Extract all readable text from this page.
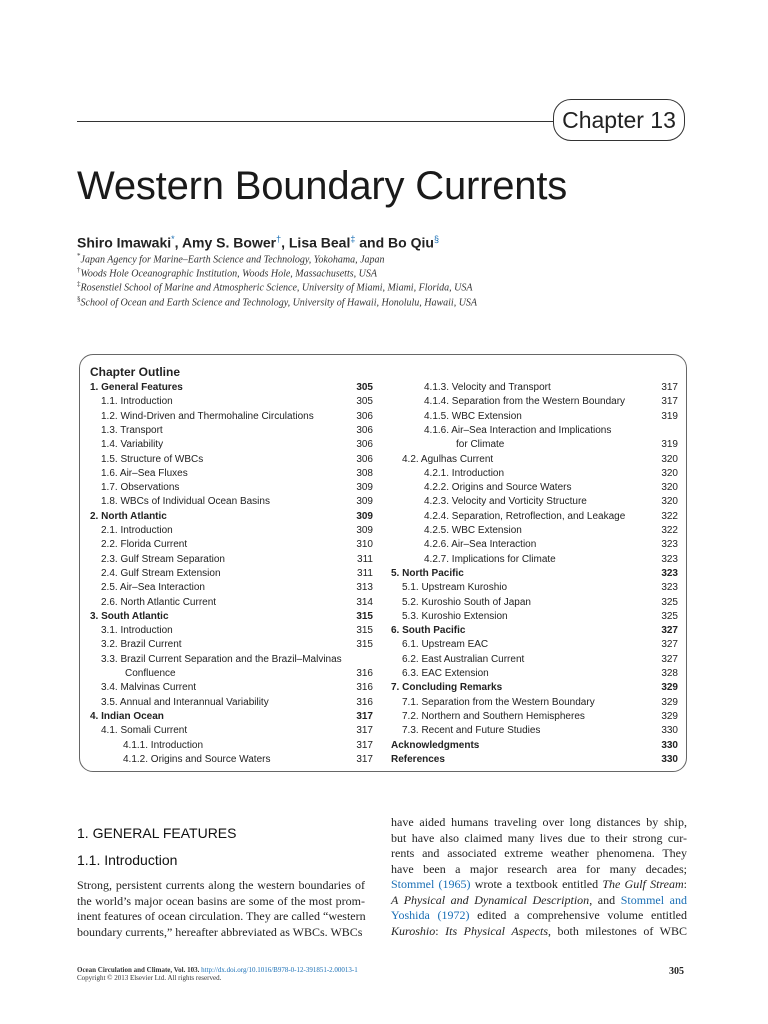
Chapter 13
Western Boundary Currents
Shiro Imawaki*, Amy S. Bower†, Lisa Beal‡ and Bo Qiu§
*Japan Agency for Marine–Earth Science and Technology, Yokohama, Japan
†Woods Hole Oceanographic Institution, Woods Hole, Massachusetts, USA
‡Rosenstiel School of Marine and Atmospheric Science, University of Miami, Miami, Florida, USA
§School of Ocean and Earth Science and Technology, University of Hawaii, Honolulu, Hawaii, USA
Chapter Outline
1. General Features	305
1.1. Introduction	305
1.2. Wind-Driven and Thermohaline Circulations	306
1.3. Transport	306
1.4. Variability	306
1.5. Structure of WBCs	306
1.6. Air–Sea Fluxes	308
1.7. Observations	309
1.8. WBCs of Individual Ocean Basins	309
2. North Atlantic	309
2.1. Introduction	309
2.2. Florida Current	310
2.3. Gulf Stream Separation	311
2.4. Gulf Stream Extension	311
2.5. Air–Sea Interaction	313
2.6. North Atlantic Current	314
3. South Atlantic	315
3.1. Introduction	315
3.2. Brazil Current	315
3.3. Brazil Current Separation and the Brazil–Malvinas
Confluence	316
3.4. Malvinas Current	316
3.5. Annual and Interannual Variability	316
4. Indian Ocean	317
4.1. Somali Current	317
4.1.1. Introduction	317
4.1.2. Origins and Source Waters	317
4.1.3. Velocity and Transport	317
4.1.4. Separation from the Western Boundary	317
4.1.5. WBC Extension	319
4.1.6. Air–Sea Interaction and Implications
for Climate	319
4.2. Agulhas Current	320
4.2.1. Introduction	320
4.2.2. Origins and Source Waters	320
4.2.3. Velocity and Vorticity Structure	320
4.2.4. Separation, Retroflection, and Leakage	322
4.2.5. WBC Extension	322
4.2.6. Air–Sea Interaction	323
4.2.7. Implications for Climate	323
5. North Pacific	323
5.1. Upstream Kuroshio	323
5.2. Kuroshio South of Japan	325
5.3. Kuroshio Extension	325
6. South Pacific	327
6.1. Upstream EAC	327
6.2. East Australian Current	327
6.3. EAC Extension	328
7. Concluding Remarks	329
7.1. Separation from the Western Boundary	329
7.2. Northern and Southern Hemispheres	329
7.3. Recent and Future Studies	330
Acknowledgments	330
References	330
1. GENERAL FEATURES
1.1. Introduction
Strong, persistent currents along the western boundaries of
the world’s major ocean basins are some of the most prom-
inent features of ocean circulation. They are called “western
boundary currents,” hereafter abbreviated as WBCs. WBCs
have aided humans traveling over long distances by ship,
but have also claimed many lives due to their strong cur-
rents and associated extreme weather phenomena. They
have been a major research area for many decades;
Stommel (1965) wrote a textbook entitled The Gulf Stream:
A Physical and Dynamical Description, and Stommel and
Yoshida (1972) edited a comprehensive volume entitled
Kuroshio: Its Physical Aspects, both milestones of WBC
Ocean Circulation and Climate, Vol. 103. http://dx.doi.org/10.1016/B978-0-12-391851-2.00013-1
Copyright © 2013 Elsevier Ltd. All rights reserved.
305
